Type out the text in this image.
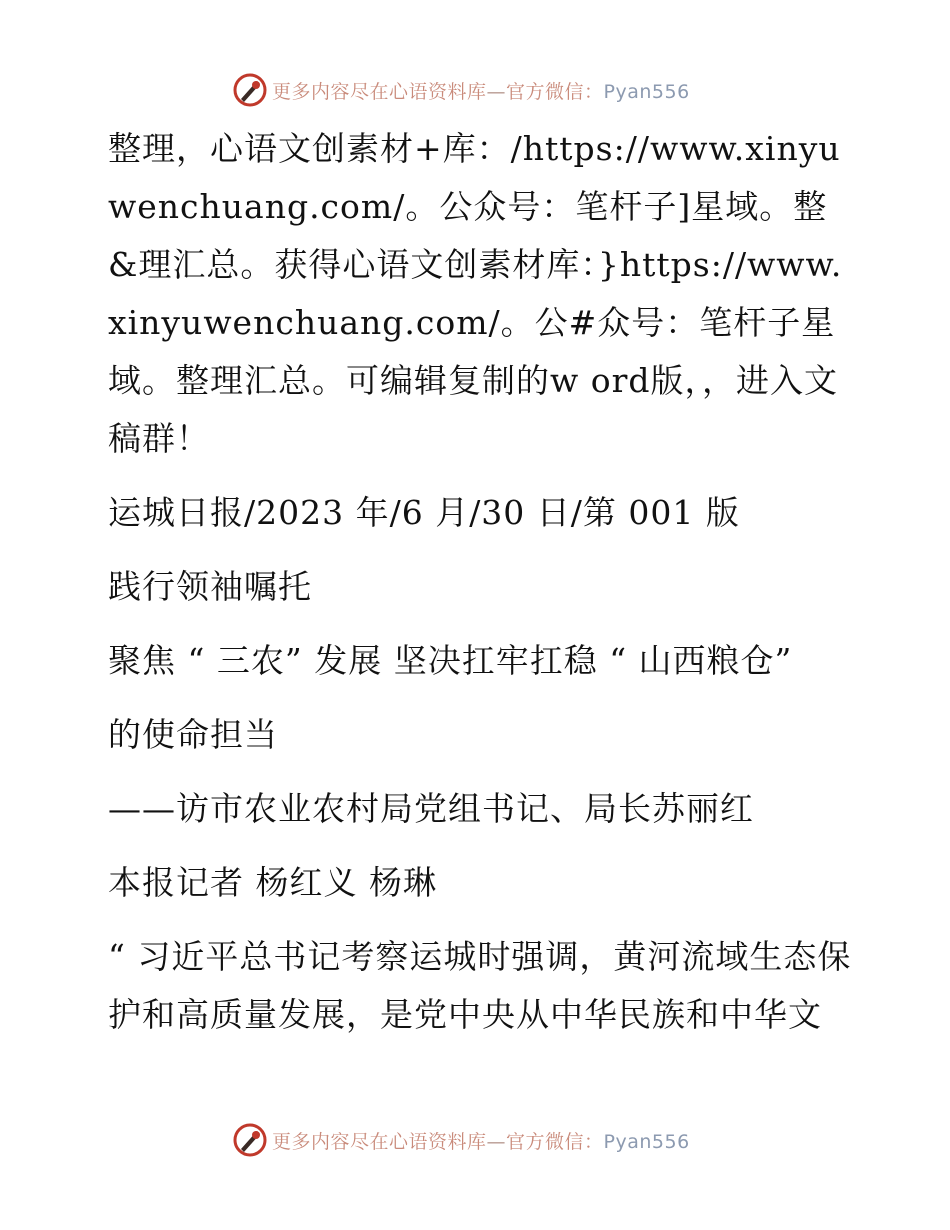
更多内容尽在心语资料库—官方微信：Pyan556

整理，心语文创素材+库：/https://www.xinyuwenchuang.com/。公众号：笔杆子]星域。整&理汇总。获得心语文创素材库：}https://www.xinyuwenchuang.com/。公#众号：笔杆子星域。整理汇总。可编辑复制的w ord版，，进入文稿群！

运城日报/2023 年/6 月/30 日/第 001 版

践行领袖嘱托

聚焦 “ 三农” 发展 坚决扛牢扛稳 “ 山西粮仓”

的使命担当

——访市农业农村局党组书记、局长苏丽红

本报记者 杨红义 杨琳

“ 习近平总书记考察运城时强调，黄河流域生态保护和高质量发展，是党中央从中华民族和中华文

更多内容尽在心语资料库—官方微信：Pyan556
